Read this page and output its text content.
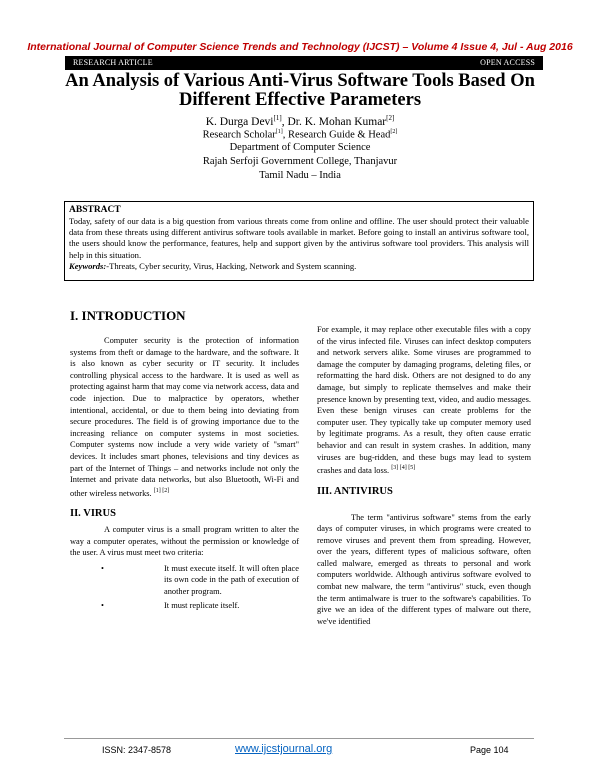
International Journal of Computer Science Trends and Technology (IJCST) – Volume 4 Issue 4, Jul - Aug 2016
RESEARCH ARTICLE	OPEN ACCESS
An Analysis of Various Anti-Virus Software Tools Based On Different Effective Parameters
K. Durga Devi[1], Dr. K. Mohan Kumar[2]
Research Scholar[1], Research Guide & Head[2]
Department of Computer Science
Rajah Serfoji Government College, Thanjavur
Tamil Nadu – India
ABSTRACT
Today, safety of our data is a big question from various threats come from online and offline. The user should protect their valuable data from these threats using different antivirus software tools available in market. Before going to install an antivirus software tool, the users should know the performance, features, help and support given by the antivirus software tool providers. This analysis will help in this situation.
Keywords:-Threats, Cyber security, Virus, Hacking, Network and System scanning.

I. INTRODUCTION

Computer security is the protection of information systems from theft or damage to the hardware, and the software. It is also known as cyber security or IT security. It includes controlling physical access to the hardware. It is used as well as protecting against harm that may come via network access, data and code injection. Due to malpractice by operators, whether intentional, accidental, or due to them being into deviating from secure procedures. The field is of growing importance due to the increasing reliance on computer systems in most societies. Computer systems now include a very wide variety of "smart" devices. It includes smart phones, televisions and tiny devices as part of the Internet of Things – and networks include not only the Internet and private data networks, but also Bluetooth, Wi-Fi and other wireless networks. [1] [2]

II. VIRUS

A computer virus is a small program written to alter the way a computer operates, without the permission or knowledge of the user. A virus must meet two criteria:

• It must execute itself. It will often place its own code in the path of execution of another program.
• It must replicate itself.

For example, it may replace other executable files with a copy of the virus infected file. Viruses can infect desktop computers and network servers alike. Some viruses are programmed to damage the computer by damaging programs, deleting files, or reformatting the hard disk. Others are not designed to do any damage, but simply to replicate themselves and make their presence known by presenting text, video, and audio messages. Even these benign viruses can create problems for the computer user. They typically take up computer memory used by legitimate programs. As a result, they often cause erratic behavior and can result in system crashes. In addition, many viruses are bug-ridden, and these bugs may lead to system crashes and data loss. [3] [4] [5]

III. ANTIVIRUS

The term "antivirus software" stems from the early days of computer viruses, in which programs were created to remove viruses and prevent them from spreading. However, over the years, different types of malicious software, often called malware, emerged as threats to personal and work computers worldwide. Although antivirus software evolved to combat new malware, the term "antivirus" stuck, even though the term antimalware is truer to the software's capabilities. To give we an idea of the different types of malware out there, we've identified

ISSN: 2347-8578	www.ijcstjournal.org	Page 104
